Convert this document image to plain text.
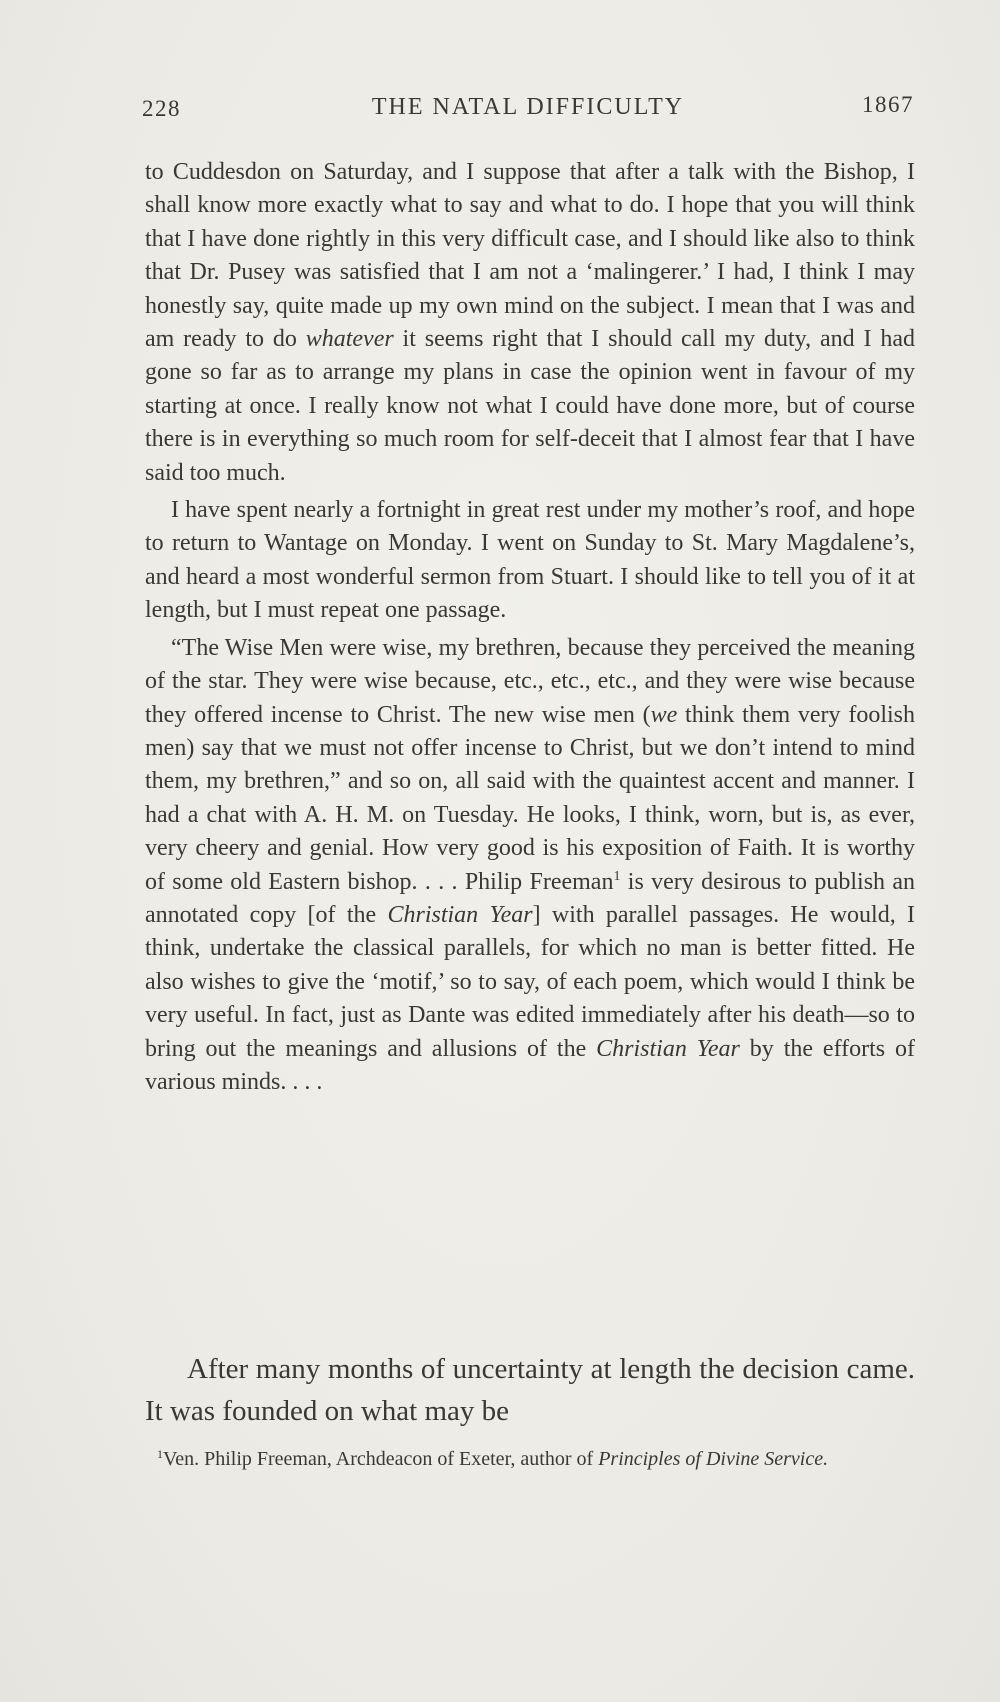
228	THE NATAL DIFFICULTY	1867

to Cuddesdon on Saturday, and I suppose that after a talk with the Bishop, I shall know more exactly what to say and what to do. I hope that you will think that I have done rightly in this very difficult case, and I should like also to think that Dr. Pusey was satisfied that I am not a ‘malingerer.’ I had, I think I may honestly say, quite made up my own mind on the subject. I mean that I was and am ready to do whatever it seems right that I should call my duty, and I had gone so far as to arrange my plans in case the opinion went in favour of my starting at once. I really know not what I could have done more, but of course there is in everything so much room for self-deceit that I almost fear that I have said too much.

I have spent nearly a fortnight in great rest under my mother’s roof, and hope to return to Wantage on Monday. I went on Sunday to St. Mary Magdalene’s, and heard a most wonderful sermon from Stuart. I should like to tell you of it at length, but I must repeat one passage.

“The Wise Men were wise, my brethren, because they perceived the meaning of the star. They were wise because, etc., etc., etc., and they were wise because they offered incense to Christ. The new wise men (we think them very foolish men) say that we must not offer incense to Christ, but we don’t intend to mind them, my brethren,” and so on, all said with the quaintest accent and manner. I had a chat with A. H. M. on Tuesday. He looks, I think, worn, but is, as ever, very cheery and genial. How very good is his exposition of Faith. It is worthy of some old Eastern bishop. . . . Philip Freeman$^1$ is very desirous to publish an annotated copy [of the Christian Year] with parallel passages. He would, I think, undertake the classical parallels, for which no man is better fitted. He also wishes to give the ‘motif,’ so to say, of each poem, which would I think be very useful. In fact, just as Dante was edited immediately after his death—so to bring out the meanings and allusions of the Christian Year by the efforts of various minds. . . .

After many months of uncertainty at length the decision came. It was founded on what may be

$^1$Ven. Philip Freeman, Archdeacon of Exeter, author of Principles of Divine Service.
